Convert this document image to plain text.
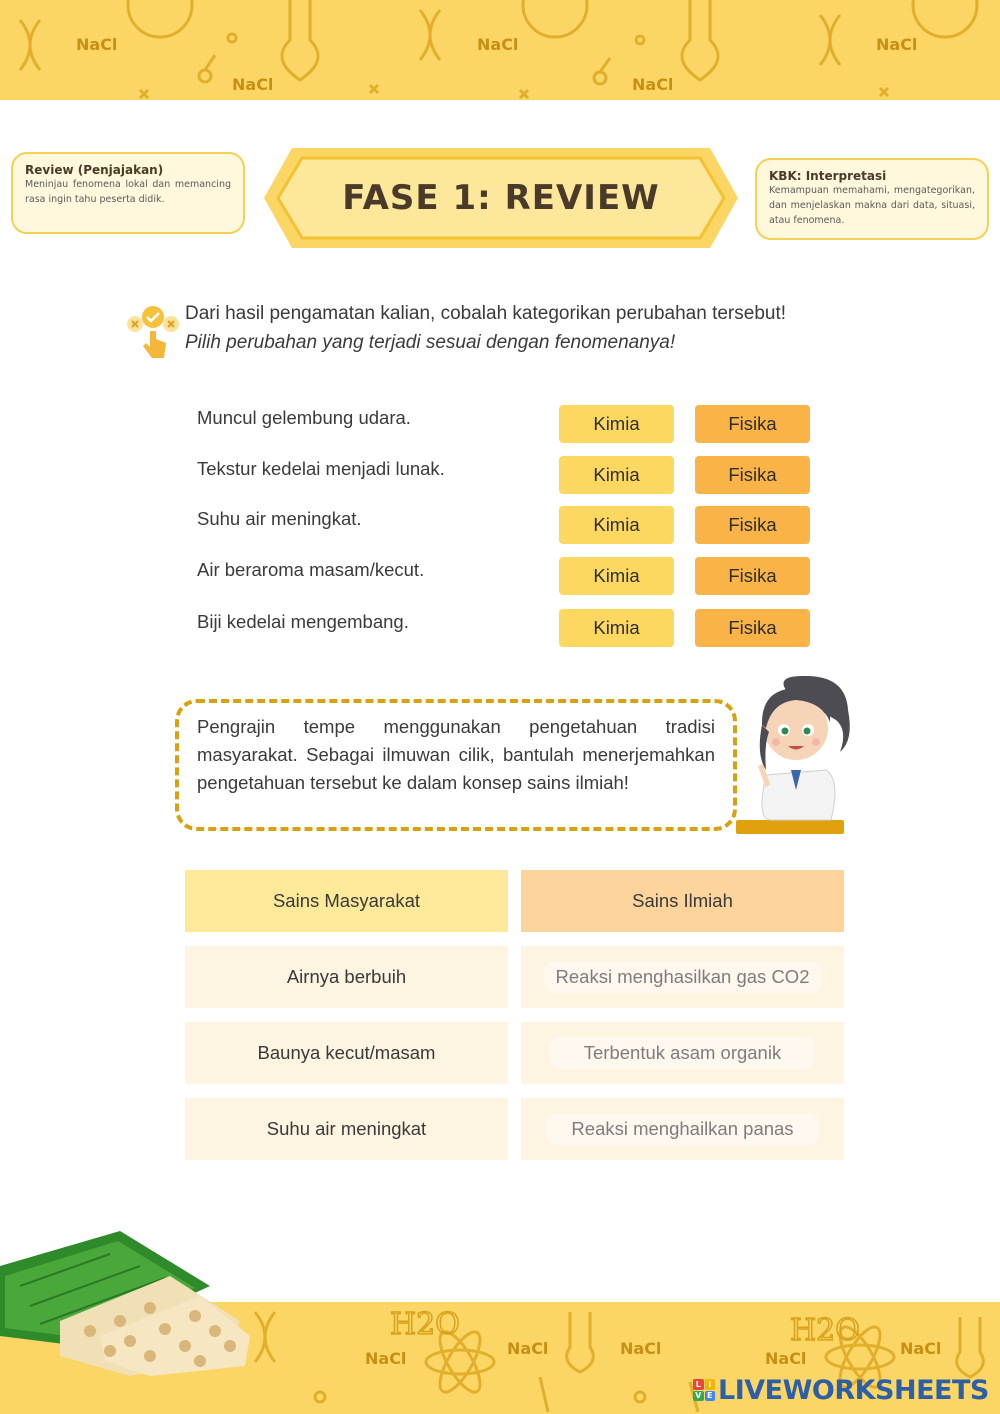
NaCl
NaCl
NaCl
NaCl
NaCl
Review (Penjajakan)
Meninjau fenomena lokal dan memancing rasa ingin tahu peserta didik.	FASE 1: REVIEW
KBK: Interpretasi
Kemampuan memahami, mengategorikan, dan menjelaskan makna dari data, situasi, atau fenomena.
Dari hasil pengamatan kalian, cobalah kategorikan perubahan tersebut!
Pilih perubahan yang terjadi sesuai dengan fenomenanya!
Muncul gelembung udara.	Kimia	Fisika
Tekstur kedelai menjadi lunak.	Kimia	Fisika
Suhu air meningkat.	Kimia	Fisika
Air beraroma masam/kecut.	Kimia	Fisika
Biji kedelai mengembang.	Kimia	Fisika
Pengrajin tempe menggunakan pengetahuan tradisi masyarakat. Sebagai ilmuwan cilik, bantulah menerjemahkan pengetahuan tersebut ke dalam konsep sains ilmiah!
Sains Masyarakat	Sains Ilmiah
Airnya berbuih	Reaksi menghasilkan gas CO2
Baunya kecut/masam	Terbentuk asam organik
Suhu air meningkat	Reaksi menghailkan panas
NaCl
NaCl	NaCl
NaCl
NaCl
H2O	H2O
L I
V E LIVEWORKSHEETS
